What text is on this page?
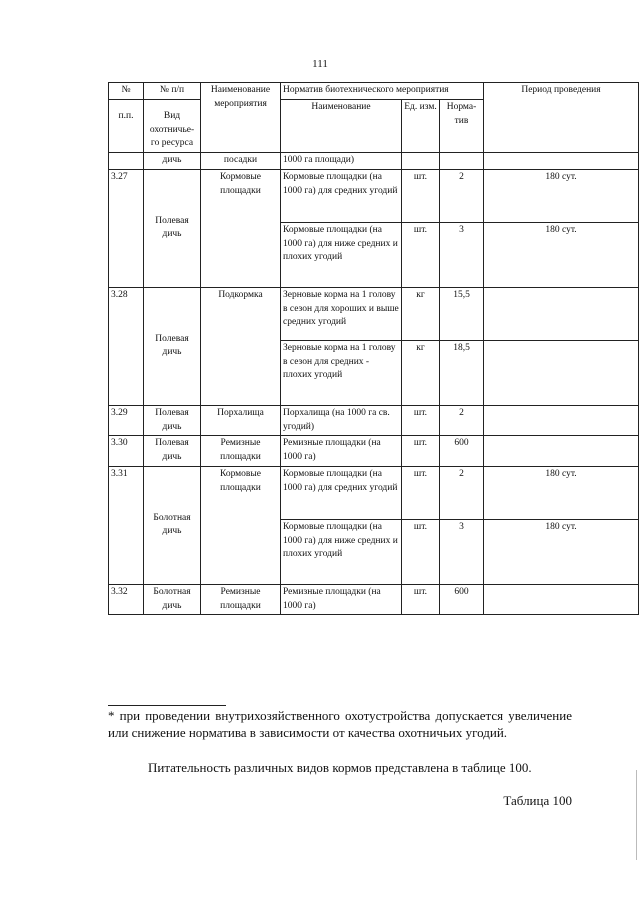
111
№	№ п/п	Наименование мероприятия	Норматив биотехнического мероприятия			Период проведения
п.п.	Вид охотничье-го ресурса		Наименование	Ед. изм.	Норма-тив	
	дичь	посадки	1000 га площади)			
3.27	Полевая дичь	Кормовые площадки	Кормовые площадки (на 1000 га) для средних угодий	шт.	2	180 сут.
			Кормовые площадки (на 1000 га) для ниже средних и плохих угодий	шт.	3	180 сут.
3.28	Полевая дичь	Подкормка	Зерновые корма на 1 голову в сезон для хороших и выше средних угодий	кг	15,5	
			Зерновые корма на 1 голову в сезон для средних - плохих угодий	кг	18,5	
3.29	Полевая дичь	Порхалища	Порхалища (на 1000 га св. угодий)	шт.	2	
3.30	Полевая дичь	Ремизные площадки	Ремизные площадки (на 1000 га)	шт.	600	
3.31	Болотная дичь	Кормовые площадки	Кормовые площадки (на 1000 га) для средних угодий	шт.	2	180 сут.
			Кормовые площадки (на 1000 га) для ниже средних и плохих угодий	шт.	3	180 сут.
3.32	Болотная дичь	Ремизные площадки	Ремизные площадки (на 1000 га)	шт.	600	
* при проведении внутрихозяйственного охотустройства допускается увеличение или снижение норматива в зависимости от качества охотничьих угодий.
Питательность различных видов кормов представлена в таблице 100.
Таблица 100
